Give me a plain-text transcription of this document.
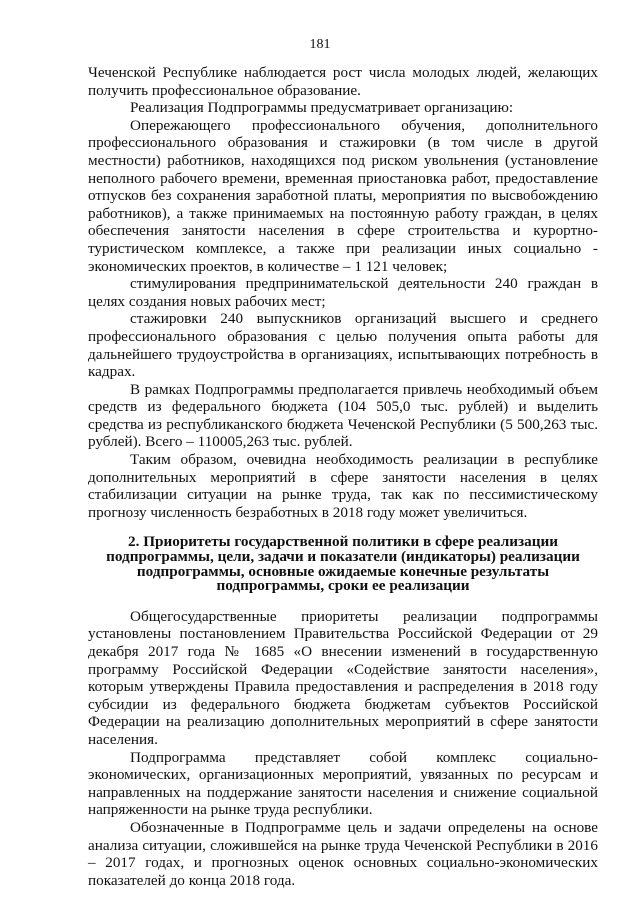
181

Чеченской Республике наблюдается рост числа молодых людей, желающих получить профессиональное образование.

Реализация Подпрограммы предусматривает организацию:

Опережающего профессионального обучения, дополнительного профессионального образования и стажировки (в том числе в другой местности) работников, находящихся под риском увольнения (установление неполного рабочего времени, временная приостановка работ, предоставление отпусков без сохранения заработной платы, мероприятия по высвобождению работников), а также принимаемых на постоянную работу граждан, в целях обеспечения занятости населения в сфере строительства и курортно-туристическом комплексе, а также при реализации иных социально - экономических проектов, в количестве – 1 121 человек;

стимулирования предпринимательской деятельности 240 граждан в целях создания новых рабочих мест;

стажировки 240 выпускников организаций высшего и среднего профессионального образования с целью получения опыта работы для дальнейшего трудоустройства в организациях, испытывающих потребность в кадрах.

В рамках Подпрограммы предполагается привлечь необходимый объем средств из федерального бюджета (104 505,0 тыс. рублей) и выделить средства из республиканского бюджета Чеченской Республики (5 500,263 тыс. рублей). Всего – 110005,263 тыс. рублей.

Таким образом, очевидна необходимость реализации в республике дополнительных мероприятий в сфере занятости населения в целях стабилизации ситуации на рынке труда, так как по пессимистическому прогнозу численность безработных в 2018 году может увеличиться.

2. Приоритеты государственной политики в сфере реализации подпрограммы, цели, задачи и показатели (индикаторы) реализации подпрограммы, основные ожидаемые конечные результаты подпрограммы, сроки ее реализации

Общегосударственные приоритеты реализации подпрограммы установлены постановлением Правительства Российской Федерации от 29 декабря 2017 года № 1685 «О внесении изменений в государственную программу Российской Федерации «Содействие занятости населения», которым утверждены Правила предоставления и распределения в 2018 году субсидии из федерального бюджета бюджетам субъектов Российской Федерации на реализацию дополнительных мероприятий в сфере занятости населения.

Подпрограмма представляет собой комплекс социально-экономических, организационных мероприятий, увязанных по ресурсам и направленных на поддержание занятости населения и снижение социальной напряженности на рынке труда республики.

Обозначенные в Подпрограмме цель и задачи определены на основе анализа ситуации, сложившейся на рынке труда Чеченской Республики в 2016 – 2017 годах, и прогнозных оценок основных социально-экономических показателей до конца 2018 года.
